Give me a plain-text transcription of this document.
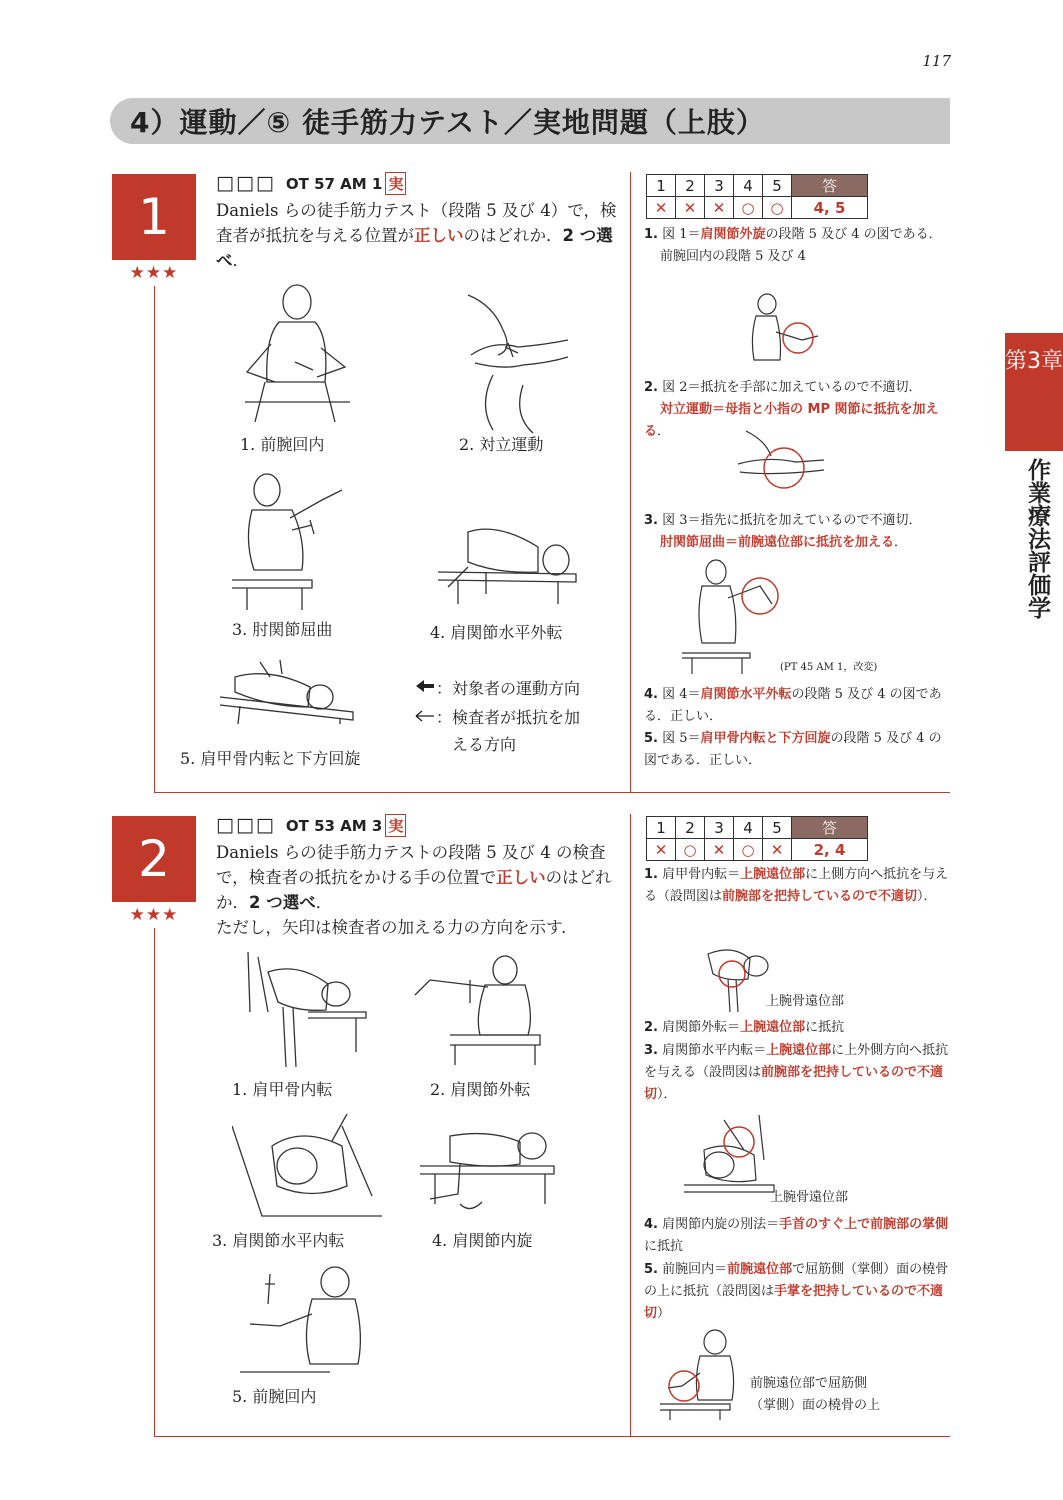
117
4）運動／⑤ 徒手筋力テスト／実地問題（上肢）
第3章
作業療法評価学
1
★★★
□□□ OT 57 AM 1 実
Daniels らの徒手筋力テスト（段階 5 及び 4）で，検査者が抵抗を与える位置が正しいのはどれか．2 つ選べ．
1. 前腕回内	2. 対立運動
3. 肘関節屈曲	4. 肩関節水平外転
5. 肩甲骨内転と下方回旋
：対象者の運動方向
：検査者が抵抗を加
える方向
1	2	3	4	5	答
✕	✕	✕	○	○	4, 5
1. 図 1＝肩関節外旋の段階 5 及び 4 の図である．
前腕回内の段階 5 及び 4
2. 図 2＝抵抗を手部に加えているので不適切．
対立運動＝母指と小指の MP 関節に抵抗を加える．
3. 図 3＝指先に抵抗を加えているので不適切．
肘関節屈曲＝前腕遠位部に抵抗を加える．
(PT 45 AM 1，改変)
4. 図 4＝肩関節水平外転の段階 5 及び 4 の図である．正しい．
5. 図 5＝肩甲骨内転と下方回旋の段階 5 及び 4 の図である．正しい．
2
★★★
□□□ OT 53 AM 3 実
Daniels らの徒手筋力テストの段階 5 及び 4 の検査で，検査者の抵抗をかける手の位置で正しいのはどれか．2 つ選べ．
ただし，矢印は検査者の加える力の方向を示す．
1. 肩甲骨内転	2. 肩関節外転
3. 肩関節水平内転	4. 肩関節内旋
5. 前腕回内
1	2	3	4	5	答
✕	○	✕	○	✕	2, 4
1. 肩甲骨内転＝上腕遠位部に上側方向へ抵抗を与える（設問図は前腕部を把持しているので不適切）．
上腕骨遠位部
2. 肩関節外転＝上腕遠位部に抵抗
3. 肩関節水平内転＝上腕遠位部に上外側方向へ抵抗を与える（設問図は前腕部を把持しているので不適切）．
上腕骨遠位部
4. 肩関節内旋の別法＝手首のすぐ上で前腕部の掌側に抵抗
5. 前腕回内＝前腕遠位部で屈筋側（掌側）面の橈骨の上に抵抗（設問図は手掌を把持しているので不適切）
前腕遠位部で屈筋側
（掌側）面の橈骨の上
